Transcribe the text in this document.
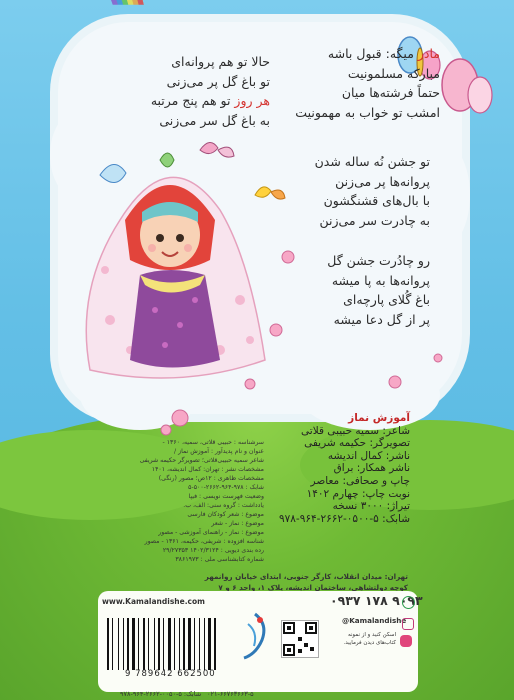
مادر میگه: قبول باشه
مبارکه مسلمونیت
حتماً فرشته‌ها میان
امشب تو خواب به مهمونیت
حالا تو هم پروانه‌ای
تو باغ گل پر می‌زنی
هر روز تو هم پنج مرتبه
به باغ گل سر می‌زنی
تو جشن نُه ساله شدن
پروانه‌ها پر می‌زنن
با بال‌های قشنگشون
به چادرت سر می‌زنن
رو چادُرت جشن گل
پروانه‌ها به پا میشه
باغ گُلای پارچه‌ای
پر از گل دعا میشه
آموزش نماز
شاعر: سمیه حبیبی قلاتی
تصویرگر: حکیمه شریفی
ناشر: کمال اندیشه
ناشر همکار: براق
چاپ و صحافی: معاصر
نوبت چاپ: چهارم ۱۴۰۲
تیراژ: ۳۰۰۰ نسخه
شابک: ۵-۰۵۰۰-۲۶۶۲-۹۶۴-۹۷۸
سرشناسه : حبیبی قلاتی، سمیه، ۱۳۶۰ -
عنوان و نام پدیدآور : آموزش نماز /
شاعر سمیه حبیبی‌قلاتی؛ تصویرگر حکیمه شریفی
مشخصات نشر : تهران: کمال اندیشه، ۱۴۰۱
مشخصات ظاهری : ۱۲ص؛ مصور (رنگی)
شابک : ۹۷۸-۹۶۴-۲۶۶۲-۵۰۰-۵
وضعیت فهرست نویسی : فیپا
یادداشت : گروه سنی: الف، ب.
موضوع : شعر کودکان فارسی
موضوع : نماز - شعر
موضوع : نماز - راهنمای آموزشی - مصور
شناسه افزوده : شریفی، حکیمه، ۱۳۶۱ - مصور
رده بندی دیویی : ۱۴۰۲/۳۱۲۴ ۲۹/۲۷۳۵۳
شماره کتابشناسی ملی : ۳۸۶۱۹۷۳
تهران: میدان انقلاب، کارگر جنوبی، ابتدای خیابان روانمهر
کوچه دولتشاهی، ساختمان اندیشه، پلاک ۱، واحد ۶ و ۷
www.Kamalandishe.com	۰۹۳۷ ۱۷۸ ۹۰۹۳
@Kamalandishe
اسکن کنید و از نمونه کتاب‌های دیدن فرمایید.
9 789642 662500
شابک: ۵-۰۰۵۰-۲۶۶۲-۹۶۴-۹۷۸ ۰۲۱-۶۶۷۶۳۶۶۳-۵
